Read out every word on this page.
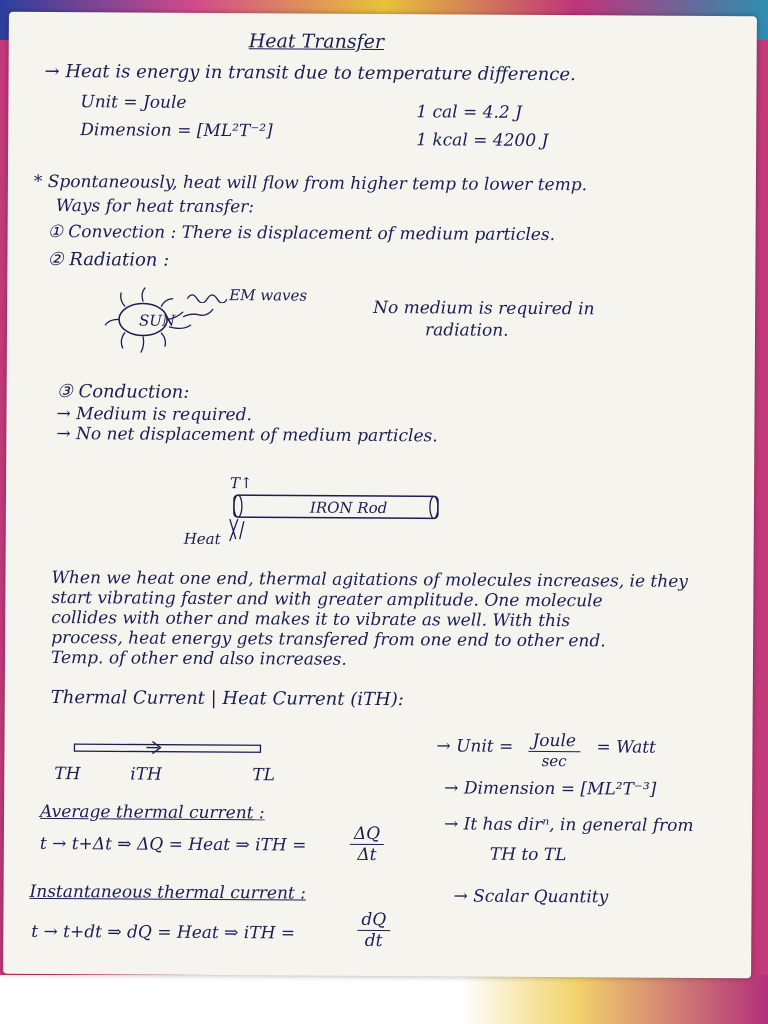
Heat Transfer
→ Heat is energy in transit due to temperature difference.
Unit = Joule	1 cal = 4.2 J
Dimension = [ML²T⁻²]	1 kcal = 4200 J
* Spontaneously, heat will flow from higher temp to lower temp.
Ways for heat transfer:
① Convection : There is displacement of medium particles.
② Radiation :
SUN
EM waves
No medium is required in
radiation.
③ Conduction:
→ Medium is required.
→ No net displacement of medium particles.
T↑
IRON Rod
Heat
When we heat one end, thermal agitations of molecules increases, ie they
start vibrating faster and with greater amplitude. One molecule
collides with other and makes it to vibrate as well. With this
process, heat energy gets transfered from one end to other end.
Temp. of other end also increases.
Thermal Current | Heat Current (iTH):
TH	iTH	TL
→ Unit = Joule
sec
= Watt
→ Dimension = [ML²T⁻³]
→ It has dirⁿ, in general from
TH to TL
→ Scalar Quantity
Average thermal current :
t → t+Δt ⇒ ΔQ = Heat ⇒ iTH =	$\frac{\Delta Q}{\Delta t}$
Instantaneous thermal current :
t → t+dt ⇒ dQ = Heat ⇒ iTH =	$\frac{dQ}{dt}$
